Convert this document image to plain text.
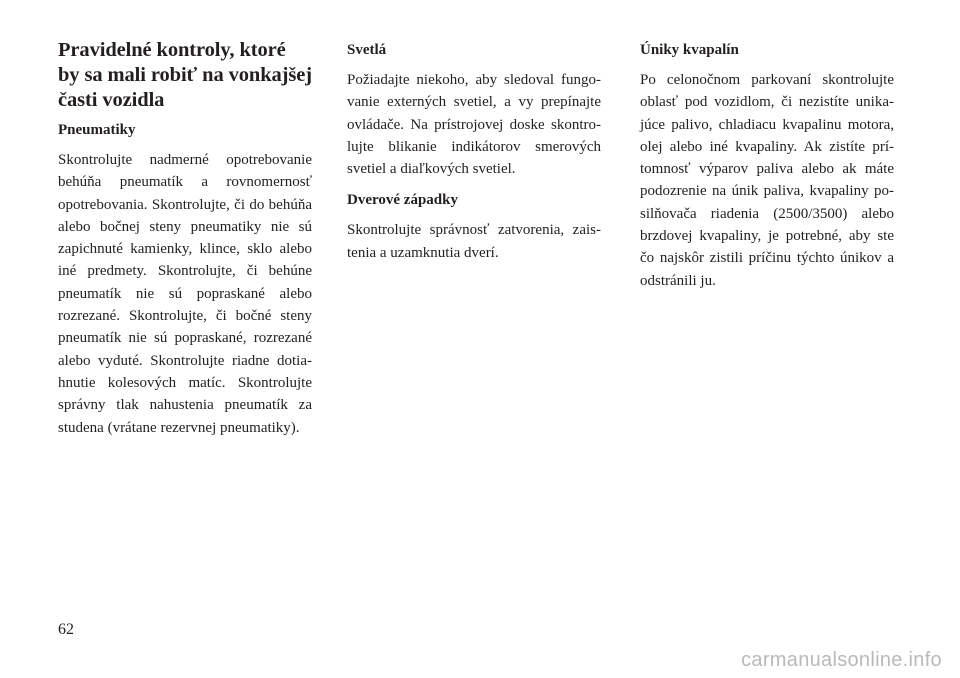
Pravidelné kontroly, ktoré by sa mali robiť na vonkajšej časti vozidla
Pneumatiky

Skontrolujte nadmerné opotrebovanie behúňa pneumatík a rovnomernosť opotrebovania. Skontrolujte, či do behúňa alebo bočnej steny pneumatiky nie sú zapichnuté kamienky, klince, sklo alebo iné predmety. Skontrolujte, či behúne pneumatík nie sú popraskané alebo rozrezané. Skontrolujte, či bočné steny pneumatík nie sú popraskané, rozrezané alebo vyduté. Skontrolujte riadne dotiahnutie kolesových matíc. Skontrolujte správny tlak nahustenia pneumatík za studena (vrátane rezervnej pneumatiky).

Svetlá

Požiadajte niekoho, aby sledoval fungovanie externých svetiel, a vy prepínajte ovládače. Na prístrojovej doske skontrolujte blikanie indikátorov smerových svetiel a diaľkových svetiel.

Dverové západky

Skontrolujte správnosť zatvorenia, zaistenia a uzamknutia dverí.

Úniky kvapalín

Po celonočnom parkovaní skontrolujte oblasť pod vozidlom, či nezistíte unikajúce palivo, chladiacu kvapalinu motora, olej alebo iné kvapaliny. Ak zistíte prítomnosť výparov paliva alebo ak máte podozrenie na únik paliva, kvapaliny posilňovača riadenia (2500/3500) alebo brzdovej kvapaliny, je potrebné, aby ste čo najskôr zistili príčinu týchto únikov a odstránili ju.

62
carmanualsonline.info
